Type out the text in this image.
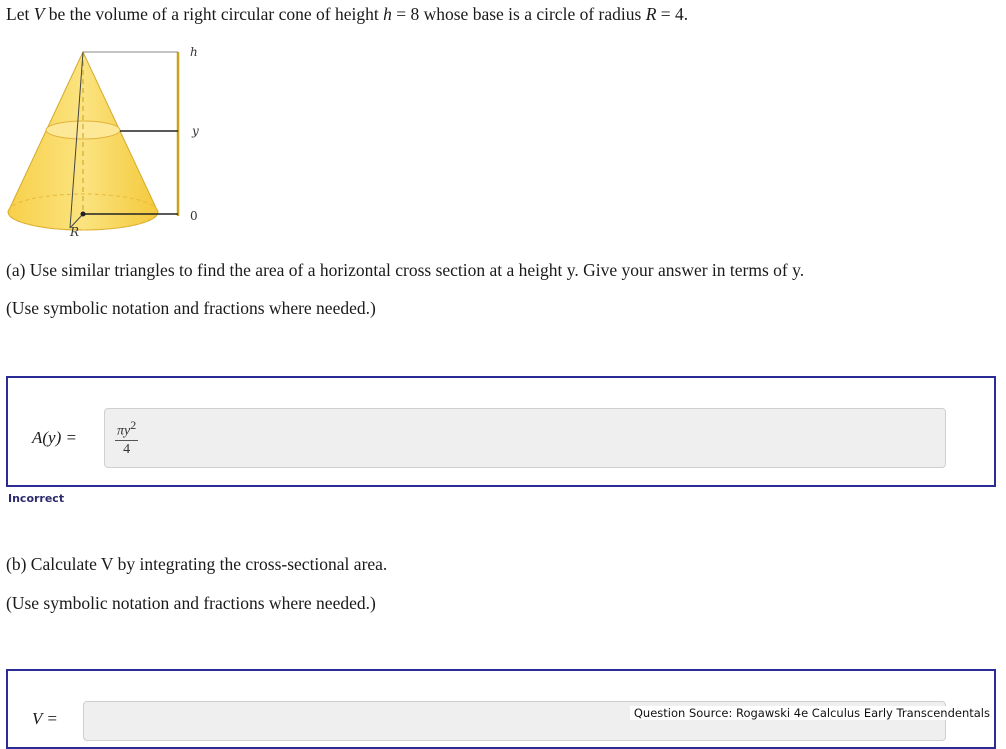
Let V be the volume of a right circular cone of height h = 8 whose base is a circle of radius R = 4.
h
y
0
R
(a) Use similar triangles to find the area of a horizontal cross section at a height y. Give your answer in terms of y.
(Use symbolic notation and fractions where needed.)
A(y) =	$\frac{\pi y^2}{4}$
Incorrect
(b) Calculate V by integrating the cross-sectional area.
(Use symbolic notation and fractions where needed.)
V =	Question Source: Rogawski 4e Calculus Early Transcendentals
